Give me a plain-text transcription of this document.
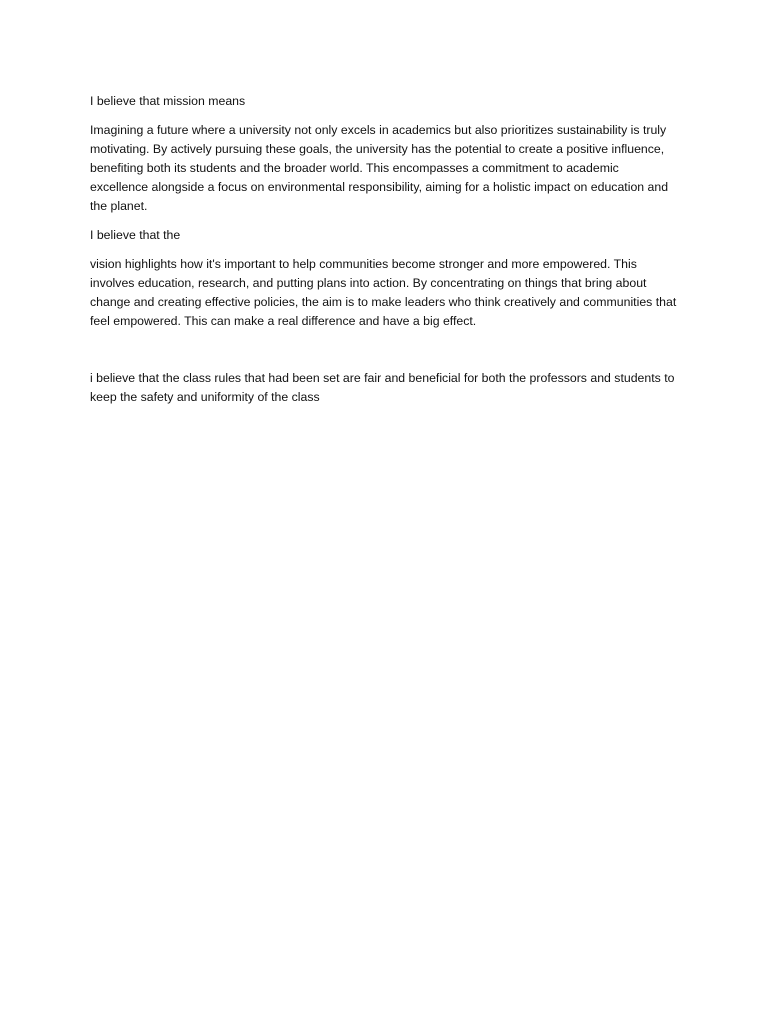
I believe that mission means

Imagining a future where a university not only excels in academics but also prioritizes sustainability is truly motivating. By actively pursuing these goals, the university has the potential to create a positive influence, benefiting both its students and the broader world. This encompasses a commitment to academic excellence alongside a focus on environmental responsibility, aiming for a holistic impact on education and the planet.

I believe that the

vision highlights how it's important to help communities become stronger and more empowered. This involves education, research, and putting plans into action. By concentrating on things that bring about change and creating effective policies, the aim is to make leaders who think creatively and communities that feel empowered. This can make a real difference and have a big effect.

i believe that the class rules that had been set are fair and beneficial for both the professors and students to keep the safety and uniformity of the class
